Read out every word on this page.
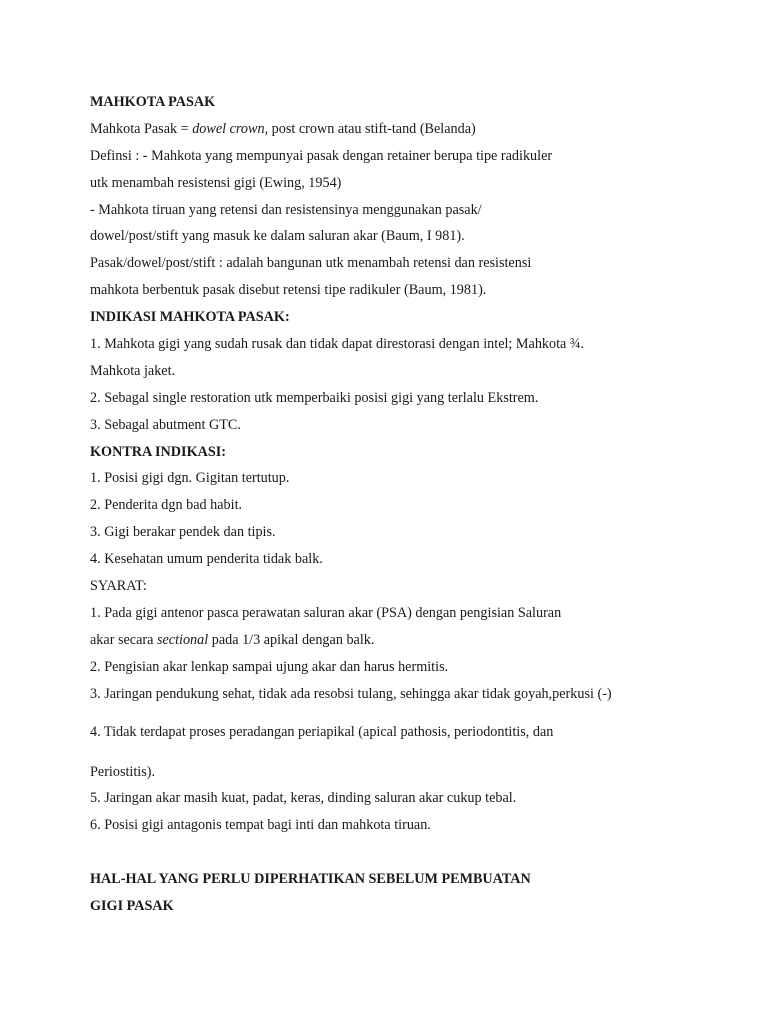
MAHKOTA PASAK
Mahkota Pasak = dowel crown, post crown atau stift-tand (Belanda)
Definsi : - Mahkota yang mempunyai pasak dengan retainer berupa tipe radikuler
utk menambah resistensi gigi (Ewing, 1954)
- Mahkota tiruan yang retensi dan resistensinya menggunakan pasak/
dowel/post/stift yang masuk ke dalam saluran akar (Baum, I 981).
Pasak/dowel/post/stift : adalah bangunan utk menambah retensi dan resistensi
mahkota berbentuk pasak disebut retensi tipe radikuler (Baum, 1981).
INDIKASI MAHKOTA PASAK:
1. Mahkota gigi yang sudah rusak dan tidak dapat direstorasi dengan intel; Mahkota ¾.
Mahkota jaket.
2. Sebagal single restoration utk memperbaiki posisi gigi yang terlalu Ekstrem.
3. Sebagal abutment GTC.
KONTRA INDIKASI:
1. Posisi gigi dgn. Gigitan tertutup.
2. Penderita dgn bad habit.
3. Gigi berakar pendek dan tipis.
4. Kesehatan umum penderita tidak balk.
SYARAT:
1. Pada gigi antenor pasca perawatan saluran akar (PSA) dengan pengisian Saluran
akar secara sectional pada 1/3 apikal dengan balk.
2. Pengisian akar lenkap sampai ujung akar dan harus hermitis.
3. Jaringan pendukung sehat, tidak ada resobsi tulang, sehingga akar tidak goyah,perkusi (-)
4. Tidak terdapat proses peradangan periapikal (apical pathosis, periodontitis, dan
Periostitis).
5. Jaringan akar masih kuat, padat, keras, dinding saluran akar cukup tebal.
6. Posisi gigi antagonis tempat bagi inti dan mahkota tiruan.
HAL-HAL YANG PERLU DIPERHATIKAN SEBELUM PEMBUATAN
GIGI PASAK
